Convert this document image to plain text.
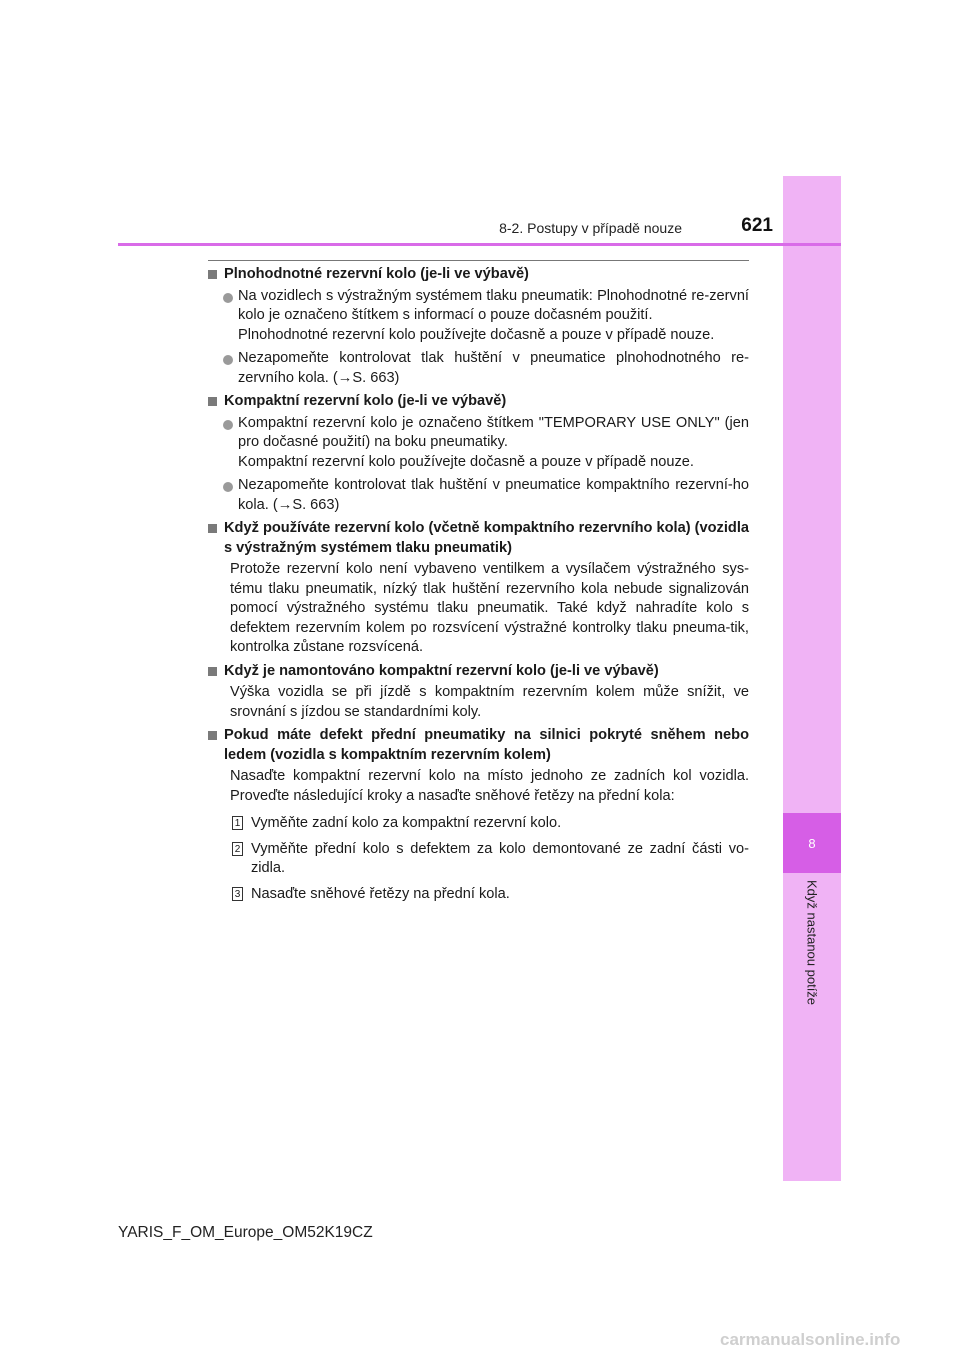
8
Když nastanou potíže
8-2. Postupy v případě nouze	621
Plnohodnotné rezervní kolo (je-li ve výbavě)
Na vozidlech s výstražným systémem tlaku pneumatik: Plnohodnotné re-zervní kolo je označeno štítkem s informací o pouze dočasném použití.
Plnohodnotné rezervní kolo používejte dočasně a pouze v případě nouze.
Nezapomeňte kontrolovat tlak huštění v pneumatice plnohodnotného re-zervního kola. (→S. 663)
Kompaktní rezervní kolo (je-li ve výbavě)
Kompaktní rezervní kolo je označeno štítkem "TEMPORARY USE ONLY" (jen pro dočasné použití) na boku pneumatiky.
Kompaktní rezervní kolo používejte dočasně a pouze v případě nouze.
Nezapomeňte kontrolovat tlak huštění v pneumatice kompaktního rezervní-ho kola. (→S. 663)
Když používáte rezervní kolo (včetně kompaktního rezervního kola) (vozidla s výstražným systémem tlaku pneumatik)
Protože rezervní kolo není vybaveno ventilkem a vysílačem výstražného sys-tému tlaku pneumatik, nízký tlak huštění rezervního kola nebude signalizován pomocí výstražného systému tlaku pneumatik. Také když nahradíte kolo s defektem rezervním kolem po rozsvícení výstražné kontrolky tlaku pneuma-tik, kontrolka zůstane rozsvícená.
Když je namontováno kompaktní rezervní kolo (je-li ve výbavě)
Výška vozidla se při jízdě s kompaktním rezervním kolem může snížit, ve srovnání s jízdou se standardními koly.
Pokud máte defekt přední pneumatiky na silnici pokryté sněhem nebo ledem (vozidla s kompaktním rezervním kolem)
Nasaďte kompaktní rezervní kolo na místo jednoho ze zadních kol vozidla. Proveďte následující kroky a nasaďte sněhové řetězy na přední kola:
1 Vyměňte zadní kolo za kompaktní rezervní kolo.
2 Vyměňte přední kolo s defektem za kolo demontované ze zadní části vo-zidla.
3 Nasaďte sněhové řetězy na přední kola.
YARIS_F_OM_Europe_OM52K19CZ
carmanualsonline.info
